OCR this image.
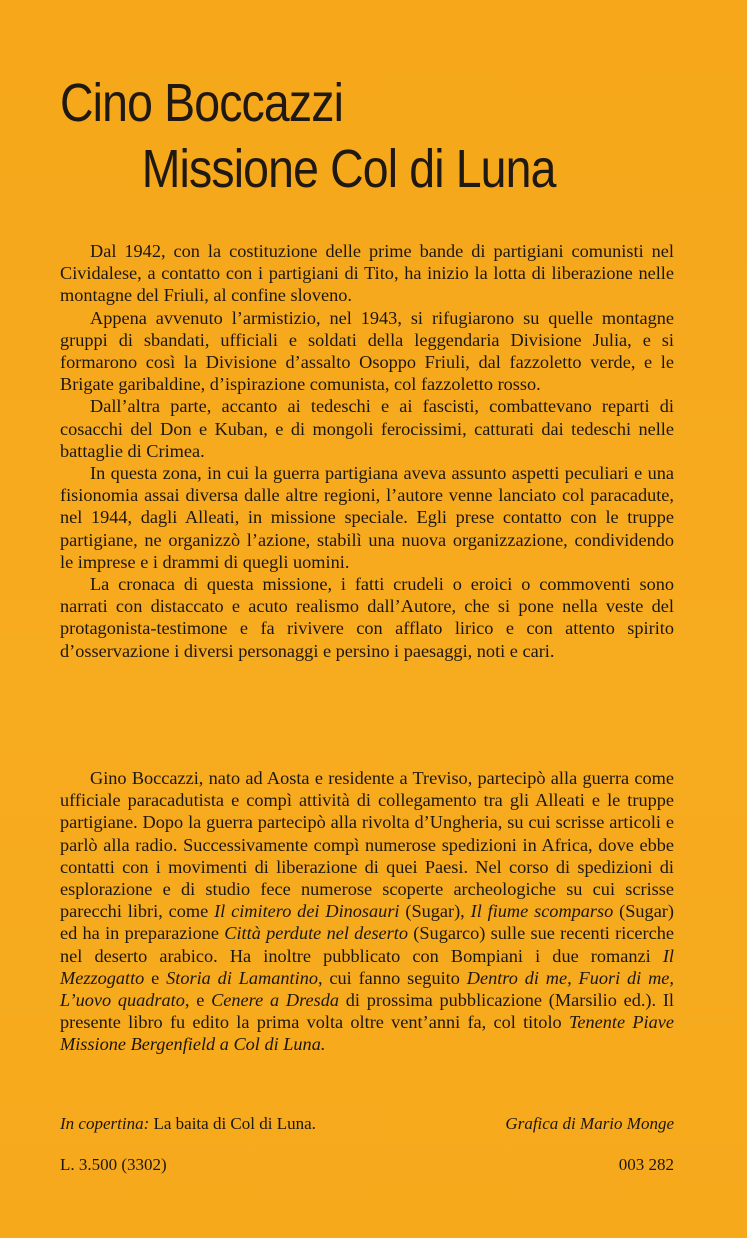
Cino Boccazzi
Missione Col di Luna

Dal 1942, con la costituzione delle prime bande di partigiani comunisti nel Cividalese, a contatto con i partigiani di Tito, ha inizio la lotta di liberazione nelle montagne del Friuli, al confine sloveno.

Appena avvenuto l’armistizio, nel 1943, si rifugiarono su quelle montagne gruppi di sbandati, ufficiali e soldati della leggendaria Divisione Julia, e si formarono così la Divisione d’assalto Osoppo Friuli, dal fazzoletto verde, e le Brigate garibaldine, d’ispirazione comunista, col fazzoletto rosso.

Dall’altra parte, accanto ai tedeschi e ai fascisti, combattevano reparti di cosacchi del Don e Kuban, e di mongoli ferocissimi, catturati dai tedeschi nelle battaglie di Crimea.

In questa zona, in cui la guerra partigiana aveva assunto aspetti peculiari e una fisionomia assai diversa dalle altre regioni, l’autore venne lanciato col paracadute, nel 1944, dagli Alleati, in missione speciale. Egli prese contatto con le truppe partigiane, ne organizzò l’azione, stabilì una nuova organizzazione, condividendo le imprese e i drammi di quegli uomini.

La cronaca di questa missione, i fatti crudeli o eroici o commoventi sono narrati con distaccato e acuto realismo dall’Autore, che si pone nella veste del protagonista-testimone e fa rivivere con afflato lirico e con attento spirito d’osservazione i diversi personaggi e persino i paesaggi, noti e cari.

Gino Boccazzi, nato ad Aosta e residente a Treviso, partecipò alla guerra come ufficiale paracadutista e compì attività di collegamento tra gli Alleati e le truppe partigiane. Dopo la guerra partecipò alla rivolta d’Ungheria, su cui scrisse articoli e parlò alla radio. Successivamente compì numerose spedizioni in Africa, dove ebbe contatti con i movimenti di liberazione di quei Paesi. Nel corso di spedizioni di esplorazione e di studio fece numerose scoperte archeologiche su cui scrisse parecchi libri, come Il cimitero dei Dinosauri (Sugar), Il fiume scomparso (Sugar) ed ha in preparazione Città perdute nel deserto (Sugarco) sulle sue recenti ricerche nel deserto arabico. Ha inoltre pubblicato con Bompiani i due romanzi Il Mezzogatto e Storia di Lamantino, cui fanno seguito Dentro di me, Fuori di me, L’uovo quadrato, e Cenere a Dresda di prossima pubblicazione (Marsilio ed.). Il presente libro fu edito la prima volta oltre vent’anni fa, col titolo Tenente Piave Missione Bergenfield a Col di Luna.

In copertina: La baita di Col di Luna.	Grafica di Mario Monge
L. 3.500 (3302)	003 282
